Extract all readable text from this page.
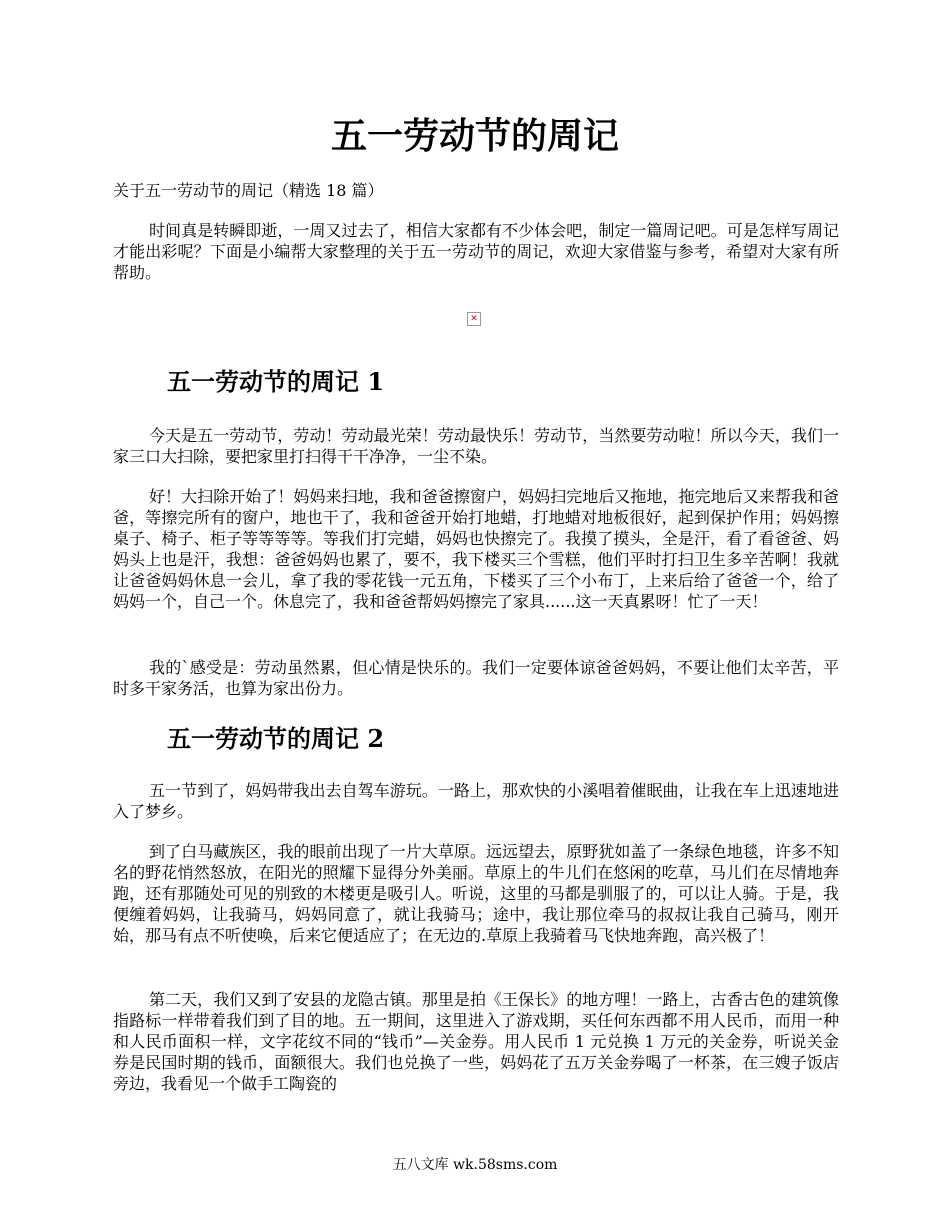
五一劳动节的周记

关于五一劳动节的周记（精选 18 篇）

时间真是转瞬即逝，一周又过去了，相信大家都有不少体会吧，制定一篇周记吧。可是怎样写周记才能出彩呢？下面是小编帮大家整理的关于五一劳动节的周记，欢迎大家借鉴与参考，希望对大家有所帮助。

✕
五一劳动节的周记 1

今天是五一劳动节，劳动！劳动最光荣！劳动最快乐！劳动节，当然要劳动啦！所以今天，我们一家三口大扫除，要把家里打扫得干干净净，一尘不染。

好！大扫除开始了！妈妈来扫地，我和爸爸擦窗户，妈妈扫完地后又拖地，拖完地后又来帮我和爸爸，等擦完所有的窗户，地也干了，我和爸爸开始打地蜡，打地蜡对地板很好，起到保护作用；妈妈擦桌子、椅子、柜子等等等等。等我们打完蜡，妈妈也快擦完了。我摸了摸头，全是汗，看了看爸爸、妈妈头上也是汗，我想：爸爸妈妈也累了，要不，我下楼买三个雪糕，他们平时打扫卫生多辛苦啊！我就让爸爸妈妈休息一会儿，拿了我的零花钱一元五角，下楼买了三个小布丁，上来后给了爸爸一个，给了妈妈一个，自己一个。休息完了，我和爸爸帮妈妈擦完了家具......这一天真累呀！忙了一天！

我的`感受是：劳动虽然累，但心情是快乐的。我们一定要体谅爸爸妈妈，不要让他们太辛苦，平时多干家务活，也算为家出份力。

五一劳动节的周记 2

五一节到了，妈妈带我出去自驾车游玩。一路上，那欢快的小溪唱着催眠曲，让我在车上迅速地进入了梦乡。

到了白马藏族区，我的眼前出现了一片大草原。远远望去，原野犹如盖了一条绿色地毯，许多不知名的野花悄然怒放，在阳光的照耀下显得分外美丽。草原上的牛儿们在悠闲的吃草，马儿们在尽情地奔跑，还有那随处可见的别致的木楼更是吸引人。听说，这里的马都是驯服了的，可以让人骑。于是，我便缠着妈妈，让我骑马，妈妈同意了，就让我骑马；途中，我让那位牵马的叔叔让我自己骑马，刚开始，那马有点不听使唤，后来它便适应了；在无边的.草原上我骑着马飞快地奔跑，高兴极了！

第二天，我们又到了安县的龙隐古镇。那里是拍《王保长》的地方哩！一路上，古香古色的建筑像指路标一样带着我们到了目的地。五一期间，这里进入了游戏期，买任何东西都不用人民币，而用一种和人民币面积一样，文字花纹不同的“钱币”—关金券。用人民币 1 元兑换 1 万元的关金券，听说关金券是民国时期的钱币，面额很大。我们也兑换了一些，妈妈花了五万关金券喝了一杯茶，在三嫂子饭店旁边，我看见一个做手工陶瓷的

五八文库 wk.58sms.com
